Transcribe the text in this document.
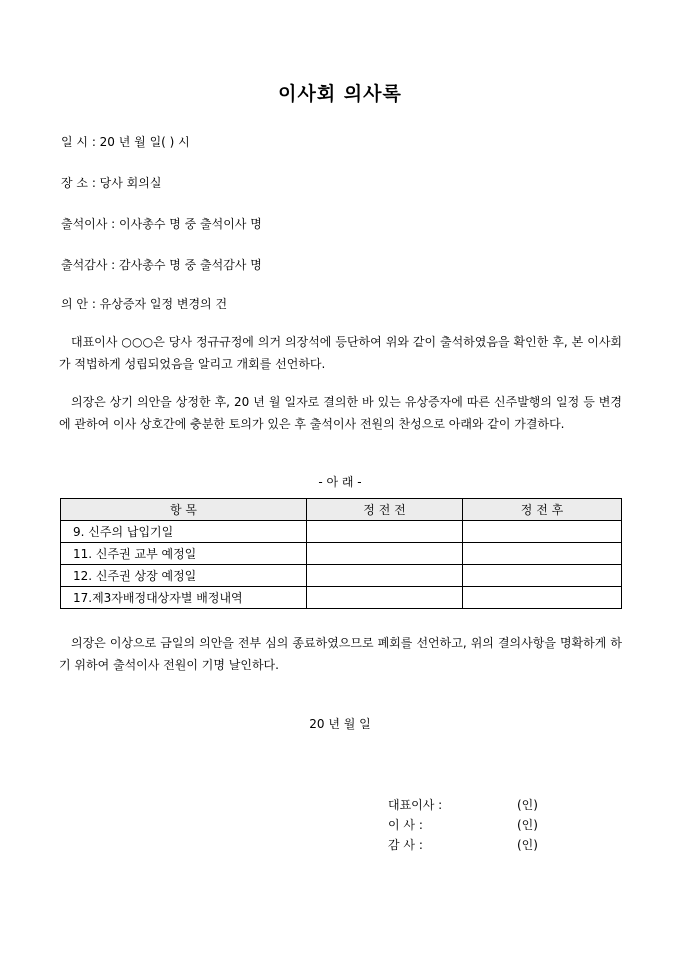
이사회 의사록
일 시 : 20 년 월 일( ) 시
장 소 : 당사 회의실
출석이사 : 이사총수 명 중 출석이사 명
출석감사 : 감사총수 명 중 출석감사 명
의 안 : 유상증자 일정 변경의 건
대표이사 ○○○은 당사 정규규정에 의거 의장석에 등단하여 위와 같이 출석하였음을 확인한 후, 본 이사회가 적법하게 성립되었음을 알리고 개회를 선언하다.
의장은 상기 의안을 상정한 후, 20 년 월 일자로 결의한 바 있는 유상증자에 따른 신주발행의 일정 등 변경에 관하여 이사 상호간에 충분한 토의가 있은 후 출석이사 전원의 찬성으로 아래와 같이 가결하다.
- 아 래 -
항 목	정 전 전	정 전 후
9. 신주의 납입기일		
11. 신주권 교부 예정일		
12. 신주권 상장 예정일		
17.제3자배정대상자별 배정내역		
의장은 이상으로 금일의 의안을 전부 심의 종료하였으므로 폐회를 선언하고, 위의 결의사항을 명확하게 하기 위하여 출석이사 전원이 기명 날인하다.
20 년 월 일
대표이사 :	(인)
이 사 :	(인)
감 사 :	(인)
